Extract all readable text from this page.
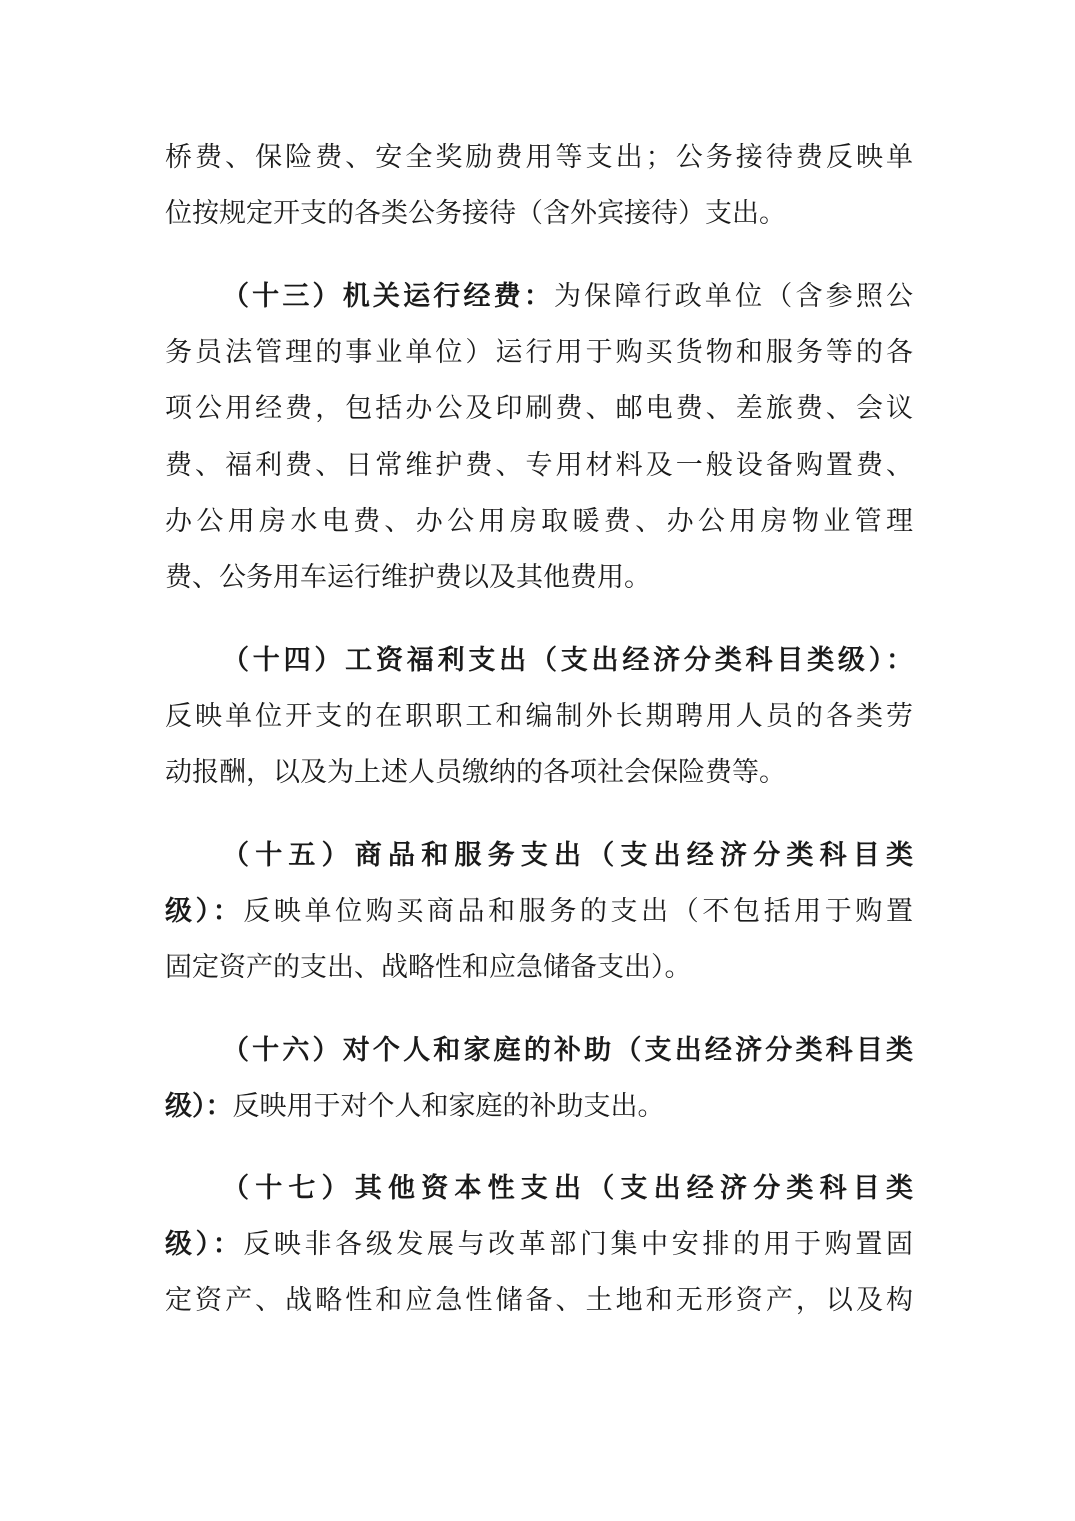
桥费、保险费、安全奖励费用等支出；公务接待费反映单
位按规定开支的各类公务接待（含外宾接待）支出。
（十三）机关运行经费：为保障行政单位（含参照公
务员法管理的事业单位）运行用于购买货物和服务等的各
项公用经费，包括办公及印刷费、邮电费、差旅费、会议
费、福利费、日常维护费、专用材料及一般设备购置费、
办公用房水电费、办公用房取暖费、办公用房物业管理
费、公务用车运行维护费以及其他费用。
（十四）工资福利支出（支出经济分类科目类级）：
反映单位开支的在职职工和编制外长期聘用人员的各类劳
动报酬，以及为上述人员缴纳的各项社会保险费等。
（十五）商品和服务支出（支出经济分类科目类
级）：反映单位购买商品和服务的支出（不包括用于购置
固定资产的支出、战略性和应急储备支出）。
（十六）对个人和家庭的补助（支出经济分类科目类
级）：反映用于对个人和家庭的补助支出。
（十七）其他资本性支出（支出经济分类科目类
级）：反映非各级发展与改革部门集中安排的用于购置固
定资产、战略性和应急性储备、土地和无形资产，以及构
